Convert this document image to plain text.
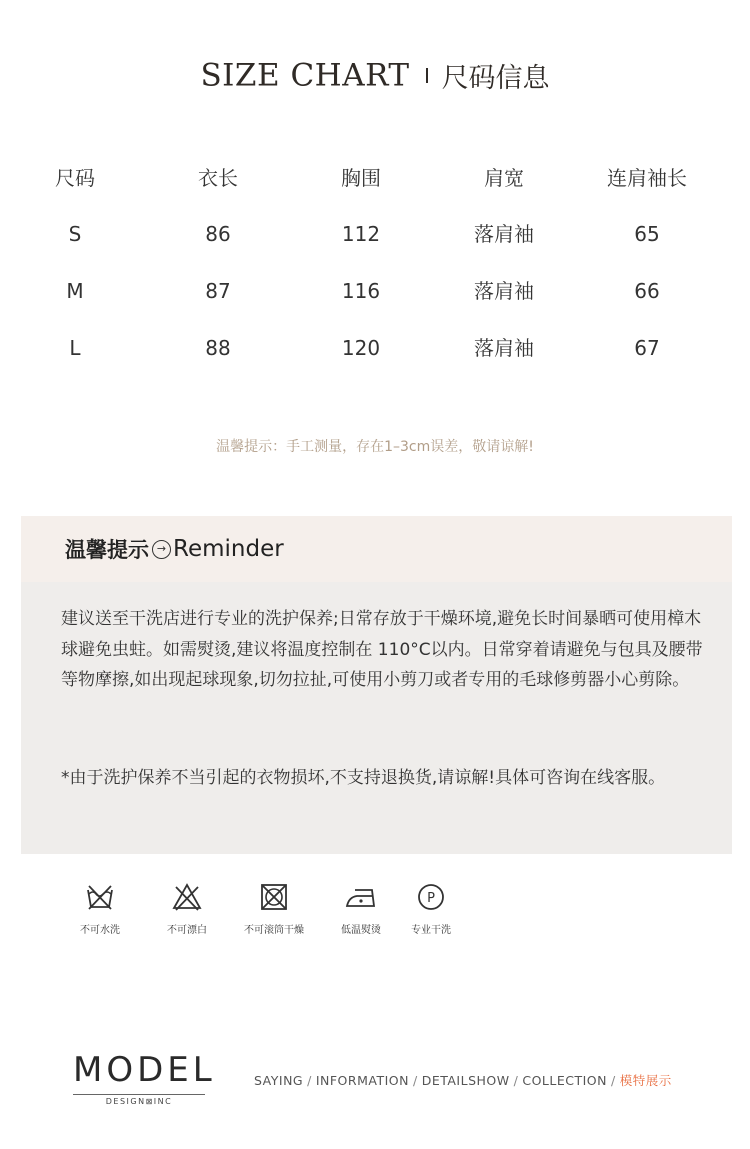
SIZE CHART 尺码信息
尺码	衣长	胸围	肩宽	连肩袖长
S	86	112	落肩袖	65
M	87	116	落肩袖	66
L	88	120	落肩袖	67
温馨提示：手工测量，存在1–3cm误差，敬请谅解!
温馨提示 → Reminder

建议送至干洗店进行专业的洗护保养;日常存放于干燥环境,避免长时间暴晒可使用樟木球避免虫蛀。如需熨烫,建议将温度控制在 110°C以内。日常穿着请避免与包具及腰带等物摩擦,如出现起球现象,切勿拉扯,可使用小剪刀或者专用的毛球修剪器小心剪除。

*由于洗护保养不当引起的衣物损坏,不支持退换货,请谅解!具体可咨询在线客服。

不可水洗	不可漂白	不可滚筒干燥	低温熨烫
P
专业干洗
MODEL
DESIGN⊠INC
SAYING / INFORMATION / DETAILSHOW / COLLECTION / 模特展示
